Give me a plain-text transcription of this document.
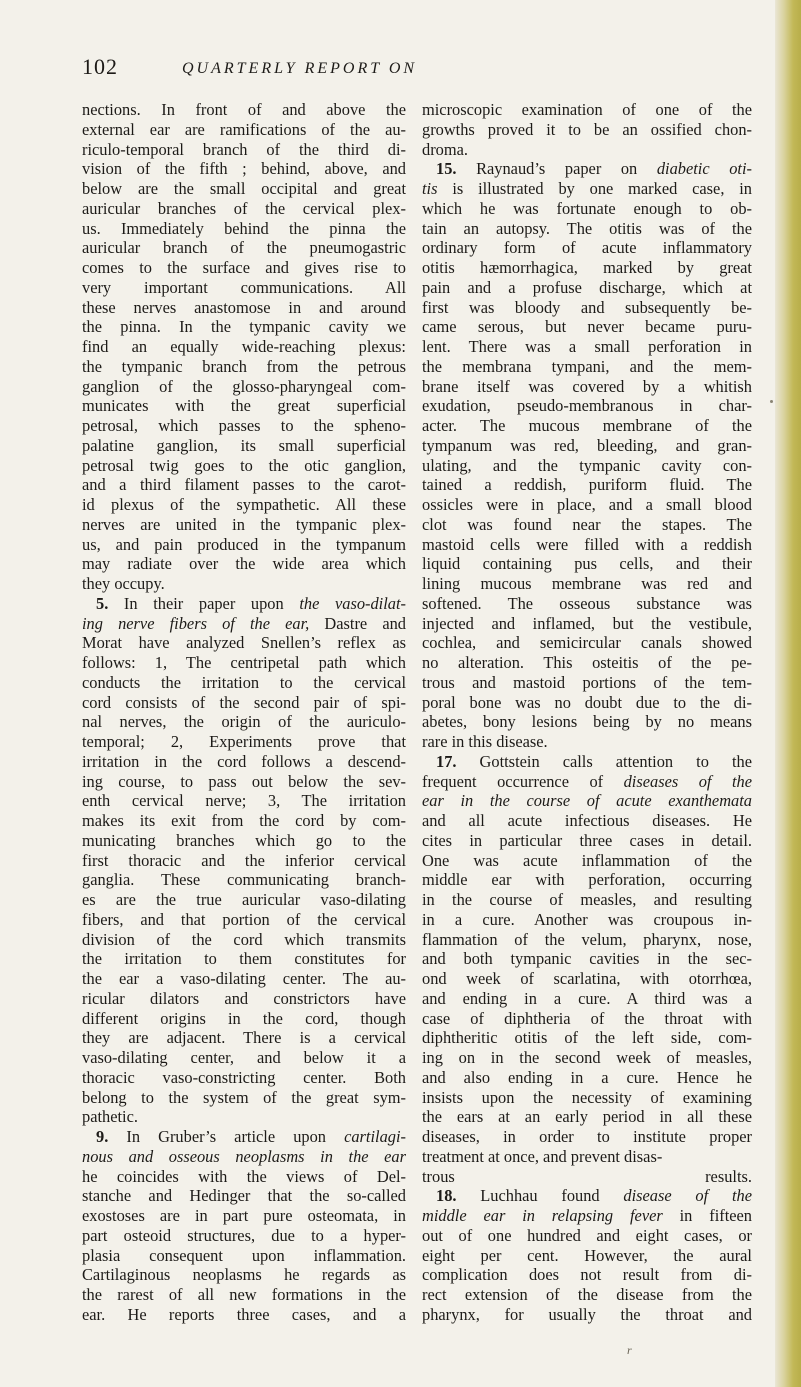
102	QUARTERLY REPORT ON
nections. In front of and above the
external ear are ramifications of the au-
riculo-temporal branch of the third di-
vision of the fifth ; behind, above, and
below are the small occipital and great
auricular branches of the cervical plex-
us. Immediately behind the pinna the
auricular branch of the pneumogastric
comes to the surface and gives rise to
very important communications. All
these nerves anastomose in and around
the pinna. In the tympanic cavity we
find an equally wide-reaching plexus:
the tympanic branch from the petrous
ganglion of the glosso-pharyngeal com-
municates with the great superficial
petrosal, which passes to the spheno-
palatine ganglion, its small superficial
petrosal twig goes to the otic ganglion,
and a third filament passes to the carot-
id plexus of the sympathetic. All these
nerves are united in the tympanic plex-
us, and pain produced in the tympanum
may radiate over the wide area which
they occupy.
5. In their paper upon the vaso-dilat-
ing nerve fibers of the ear, Dastre and
Morat have analyzed Snellen’s reflex as
follows: 1, The centripetal path which
conducts the irritation to the cervical
cord consists of the second pair of spi-
nal nerves, the origin of the auriculo-
temporal; 2, Experiments prove that
irritation in the cord follows a descend-
ing course, to pass out below the sev-
enth cervical nerve; 3, The irritation
makes its exit from the cord by com-
municating branches which go to the
first thoracic and the inferior cervical
ganglia. These communicating branch-
es are the true auricular vaso-dilating
fibers, and that portion of the cervical
division of the cord which transmits
the irritation to them constitutes for
the ear a vaso-dilating center. The au-
ricular dilators and constrictors have
different origins in the cord, though
they are adjacent. There is a cervical
vaso-dilating center, and below it a
thoracic vaso-constricting center. Both
belong to the system of the great sym-
pathetic.
9. In Gruber’s article upon cartilagi-
nous and osseous neoplasms in the ear
he coincides with the views of Del-
stanche and Hedinger that the so-called
exostoses are in part pure osteomata, in
part osteoid structures, due to a hyper-
plasia consequent upon inflammation.
Cartilaginous neoplasms he regards as
the rarest of all new formations in the
ear. He reports three cases, and a
microscopic examination of one of the
growths proved it to be an ossified chon-
droma.
15. Raynaud’s paper on diabetic oti-
tis is illustrated by one marked case, in
which he was fortunate enough to ob-
tain an autopsy. The otitis was of the
ordinary form of acute inflammatory
otitis hæmorrhagica, marked by great
pain and a profuse discharge, which at
first was bloody and subsequently be-
came serous, but never became puru-
lent. There was a small perforation in
the membrana tympani, and the mem-
brane itself was covered by a whitish
exudation, pseudo-membranous in char-
acter. The mucous membrane of the
tympanum was red, bleeding, and gran-
ulating, and the tympanic cavity con-
tained a reddish, puriform fluid. The
ossicles were in place, and a small blood
clot was found near the stapes. The
mastoid cells were filled with a reddish
liquid containing pus cells, and their
lining mucous membrane was red and
softened. The osseous substance was
injected and inflamed, but the vestibule,
cochlea, and semicircular canals showed
no alteration. This osteitis of the pe-
trous and mastoid portions of the tem-
poral bone was no doubt due to the di-
abetes, bony lesions being by no means
rare in this disease.
17. Gottstein calls attention to the
frequent occurrence of diseases of the
ear in the course of acute exanthemata
and all acute infectious diseases. He
cites in particular three cases in detail.
One was acute inflammation of the
middle ear with perforation, occurring
in the course of measles, and resulting
in a cure. Another was croupous in-
flammation of the velum, pharynx, nose,
and both tympanic cavities in the sec-
ond week of scarlatina, with otorrhœa,
and ending in a cure. A third was a
case of diphtheria of the throat with
diphtheritic otitis of the left side, com-
ing on in the second week of measles,
and also ending in a cure. Hence he
insists upon the necessity of examining
the ears at an early period in all these
diseases, in order to institute proper
treatment at once, and prevent disas-
trous results.
18. Luchhau found disease of the
middle ear in relapsing fever in fifteen
out of one hundred and eight cases, or
eight per cent. However, the aural
complication does not result from di-
rect extension of the disease from the
pharynx, for usually the throat and
r
